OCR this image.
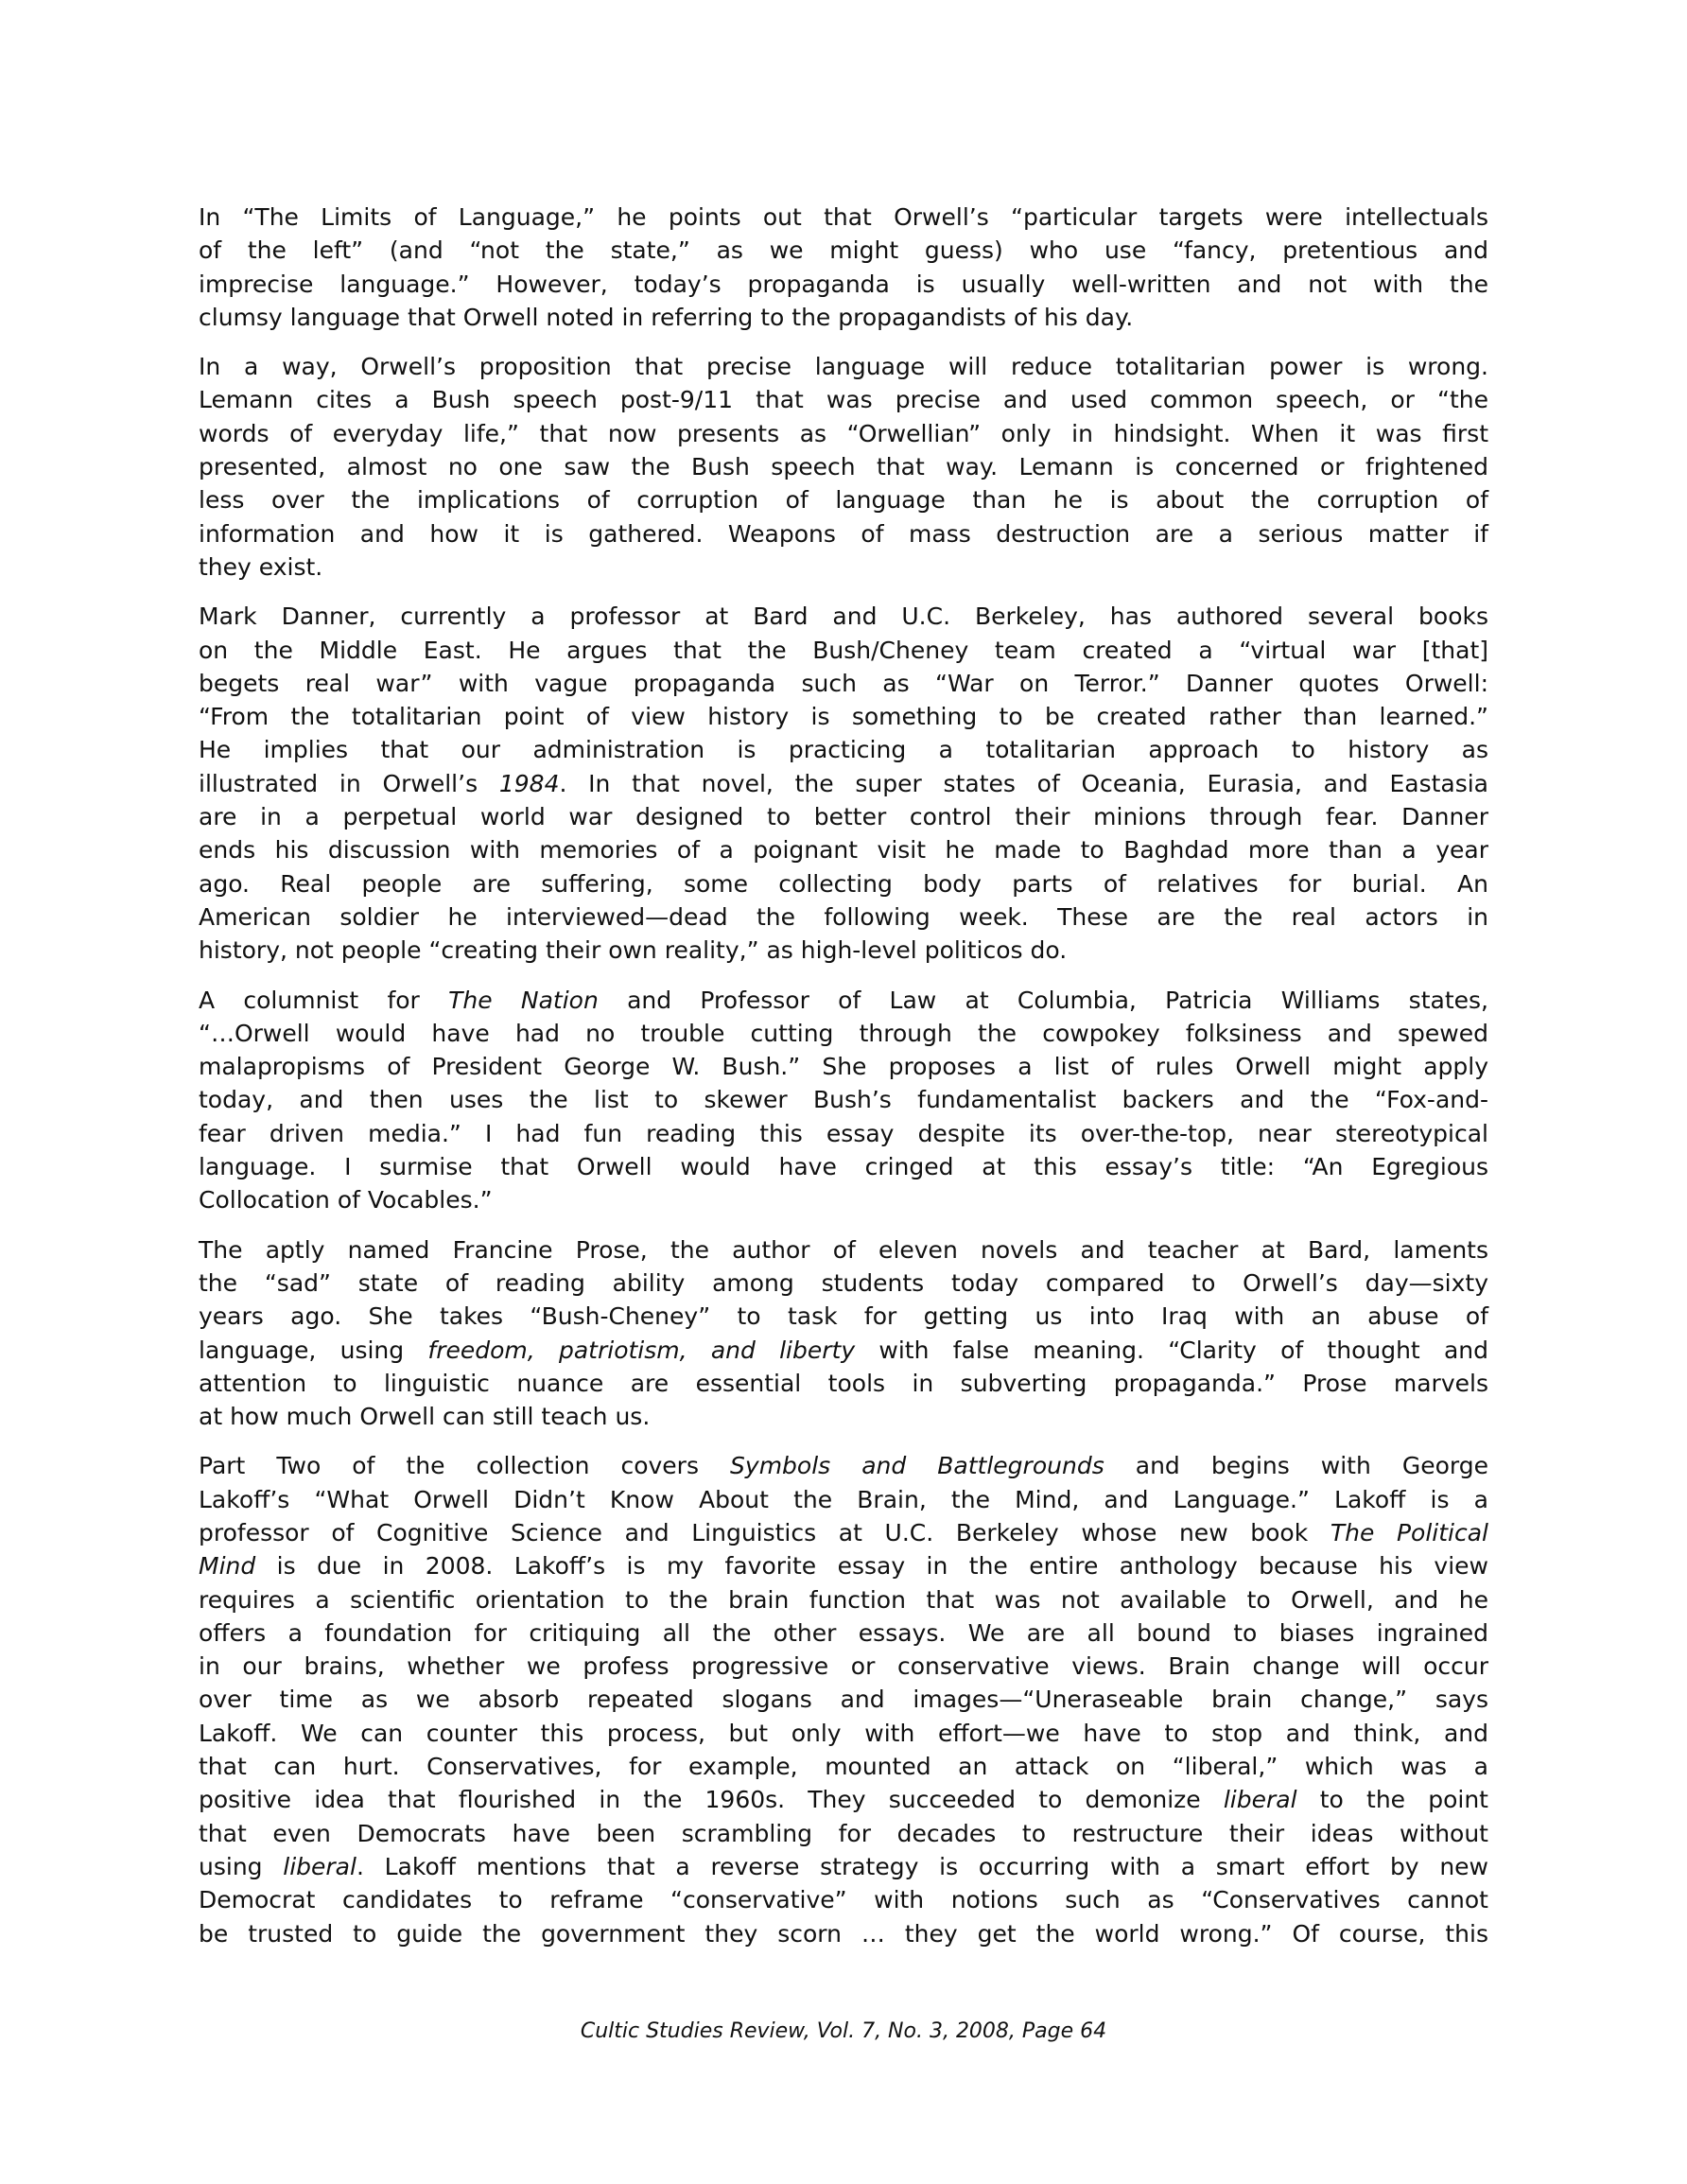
In “The Limits of Language,” he points out that Orwell’s “particular targets were intellectuals
of the left” (and “not the state,” as we might guess) who use “fancy, pretentious and
imprecise language.” However, today’s propaganda is usually well-written and not with the
clumsy language that Orwell noted in referring to the propagandists of his day.
In a way, Orwell’s proposition that precise language will reduce totalitarian power is wrong.
Lemann cites a Bush speech post-9/11 that was precise and used common speech, or “the
words of everyday life,” that now presents as “Orwellian” only in hindsight. When it was first
presented, almost no one saw the Bush speech that way. Lemann is concerned or frightened
less over the implications of corruption of language than he is about the corruption of
information and how it is gathered. Weapons of mass destruction are a serious matter if
they exist.
Mark Danner, currently a professor at Bard and U.C. Berkeley, has authored several books
on the Middle East. He argues that the Bush/Cheney team created a “virtual war [that]
begets real war” with vague propaganda such as “War on Terror.” Danner quotes Orwell:
“From the totalitarian point of view history is something to be created rather than learned.”
He implies that our administration is practicing a totalitarian approach to history as
illustrated in Orwell’s 1984. In that novel, the super states of Oceania, Eurasia, and Eastasia
are in a perpetual world war designed to better control their minions through fear. Danner
ends his discussion with memories of a poignant visit he made to Baghdad more than a year
ago. Real people are suffering, some collecting body parts of relatives for burial. An
American soldier he interviewed—dead the following week. These are the real actors in
history, not people “creating their own reality,” as high-level politicos do.
A columnist for The Nation and Professor of Law at Columbia, Patricia Williams states,
“…Orwell would have had no trouble cutting through the cowpokey folksiness and spewed
malapropisms of President George W. Bush.” She proposes a list of rules Orwell might apply
today, and then uses the list to skewer Bush’s fundamentalist backers and the “Fox-and-
fear driven media.” I had fun reading this essay despite its over-the-top, near stereotypical
language. I surmise that Orwell would have cringed at this essay’s title: “An Egregious
Collocation of Vocables.”
The aptly named Francine Prose, the author of eleven novels and teacher at Bard, laments
the “sad” state of reading ability among students today compared to Orwell’s day—sixty
years ago. She takes “Bush-Cheney” to task for getting us into Iraq with an abuse of
language, using freedom, patriotism, and liberty with false meaning. “Clarity of thought and
attention to linguistic nuance are essential tools in subverting propaganda.” Prose marvels
at how much Orwell can still teach us.
Part Two of the collection covers Symbols and Battlegrounds and begins with George
Lakoff’s “What Orwell Didn’t Know About the Brain, the Mind, and Language.” Lakoff is a
professor of Cognitive Science and Linguistics at U.C. Berkeley whose new book The Political
Mind is due in 2008. Lakoff’s is my favorite essay in the entire anthology because his view
requires a scientific orientation to the brain function that was not available to Orwell, and he
offers a foundation for critiquing all the other essays. We are all bound to biases ingrained
in our brains, whether we profess progressive or conservative views. Brain change will occur
over time as we absorb repeated slogans and images—“Uneraseable brain change,” says
Lakoff. We can counter this process, but only with effort—we have to stop and think, and
that can hurt. Conservatives, for example, mounted an attack on “liberal,” which was a
positive idea that flourished in the 1960s. They succeeded to demonize liberal to the point
that even Democrats have been scrambling for decades to restructure their ideas without
using liberal. Lakoff mentions that a reverse strategy is occurring with a smart effort by new
Democrat candidates to reframe “conservative” with notions such as “Conservatives cannot
be trusted to guide the government they scorn … they get the world wrong.” Of course, this
Cultic Studies Review, Vol. 7, No. 3, 2008, Page 64
